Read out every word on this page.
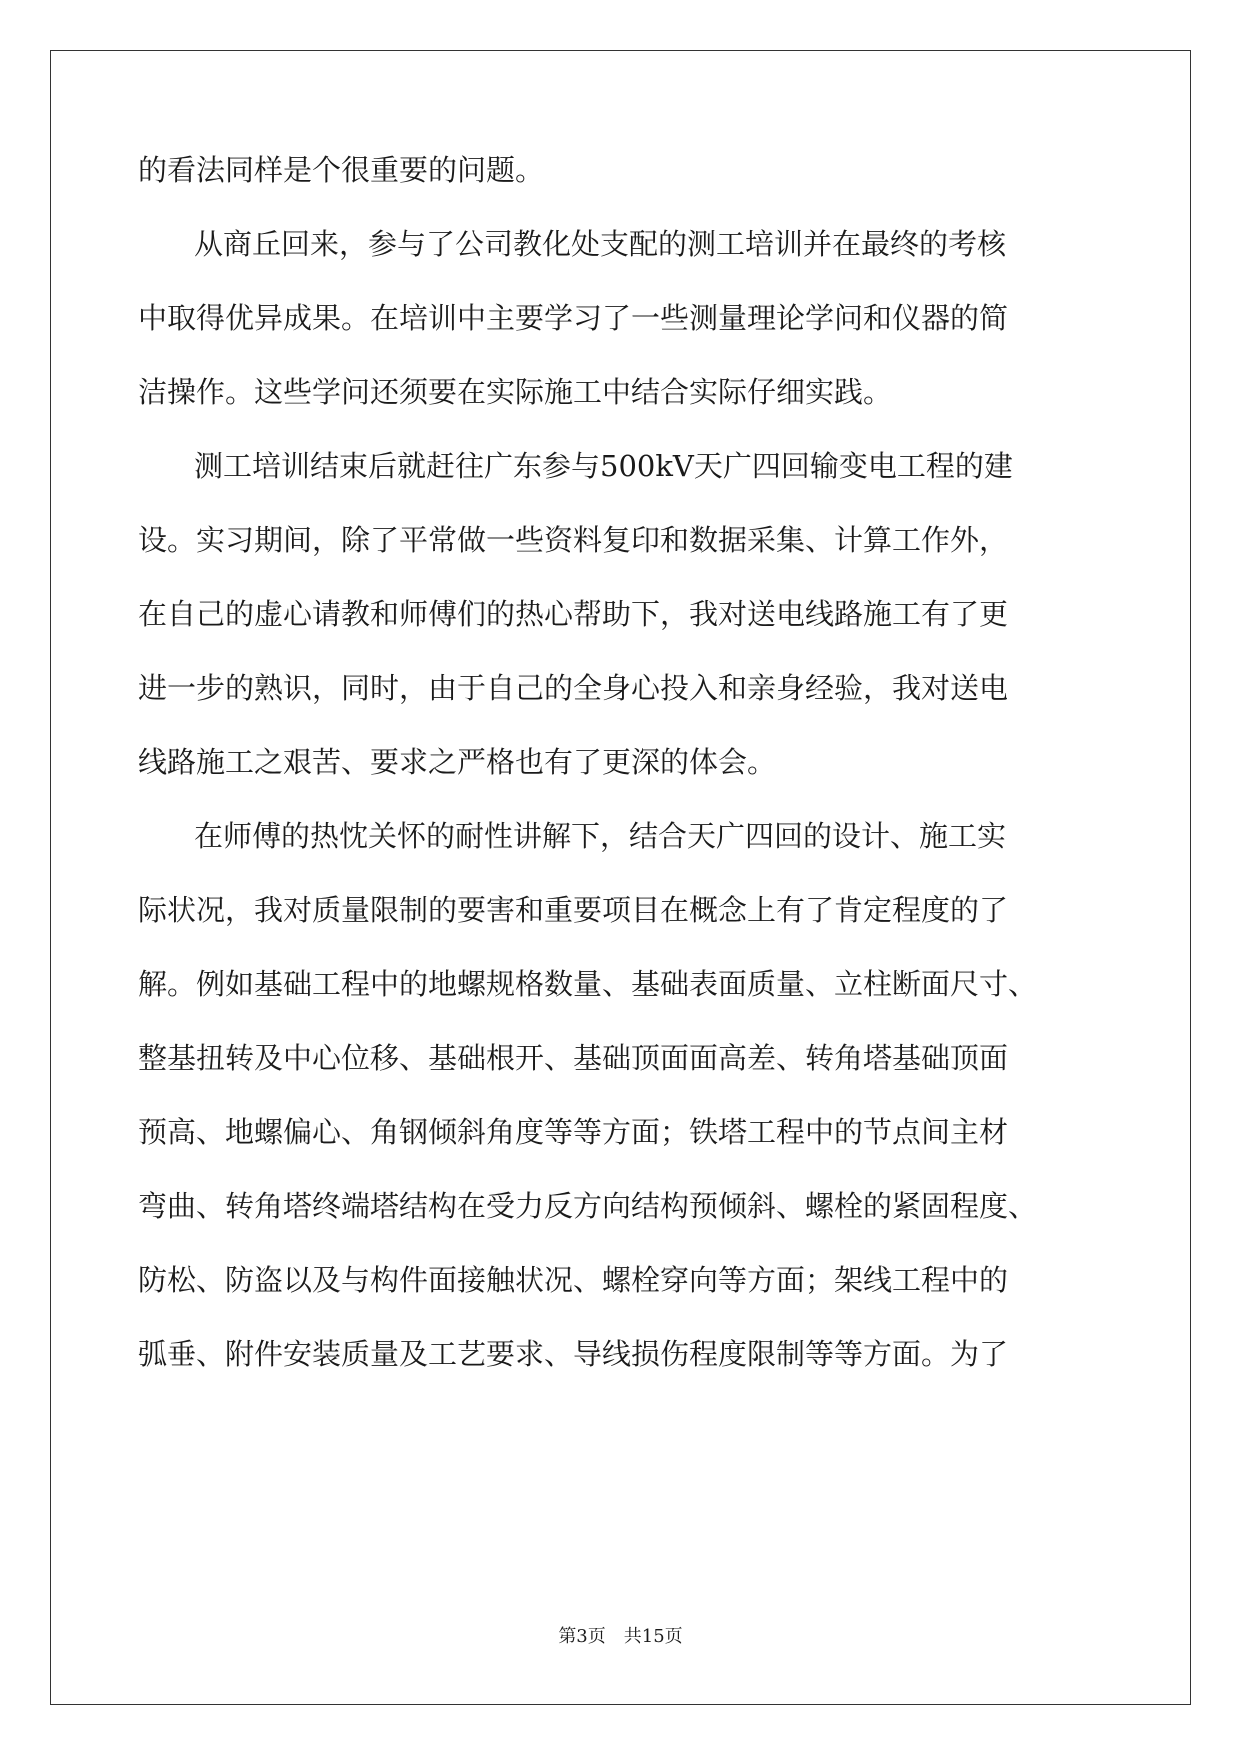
的看法同样是个很重要的问题。
从商丘回来，参与了公司教化处支配的测工培训并在最终的考核
中取得优异成果。在培训中主要学习了一些测量理论学问和仪器的简
洁操作。这些学问还须要在实际施工中结合实际仔细实践。
测工培训结束后就赶往广东参与500kV天广四回输变电工程的建
设。实习期间，除了平常做一些资料复印和数据采集、计算工作外，
在自己的虚心请教和师傅们的热心帮助下，我对送电线路施工有了更
进一步的熟识，同时，由于自己的全身心投入和亲身经验，我对送电
线路施工之艰苦、要求之严格也有了更深的体会。
在师傅的热忱关怀的耐性讲解下，结合天广四回的设计、施工实
际状况，我对质量限制的要害和重要项目在概念上有了肯定程度的了
解。例如基础工程中的地螺规格数量、基础表面质量、立柱断面尺寸、
整基扭转及中心位移、基础根开、基础顶面面高差、转角塔基础顶面
预高、地螺偏心、角钢倾斜角度等等方面；铁塔工程中的节点间主材
弯曲、转角塔终端塔结构在受力反方向结构预倾斜、螺栓的紧固程度、
防松、防盗以及与构件面接触状况、螺栓穿向等方面；架线工程中的
弧垂、附件安装质量及工艺要求、导线损伤程度限制等等方面。为了
第3页 共15页
